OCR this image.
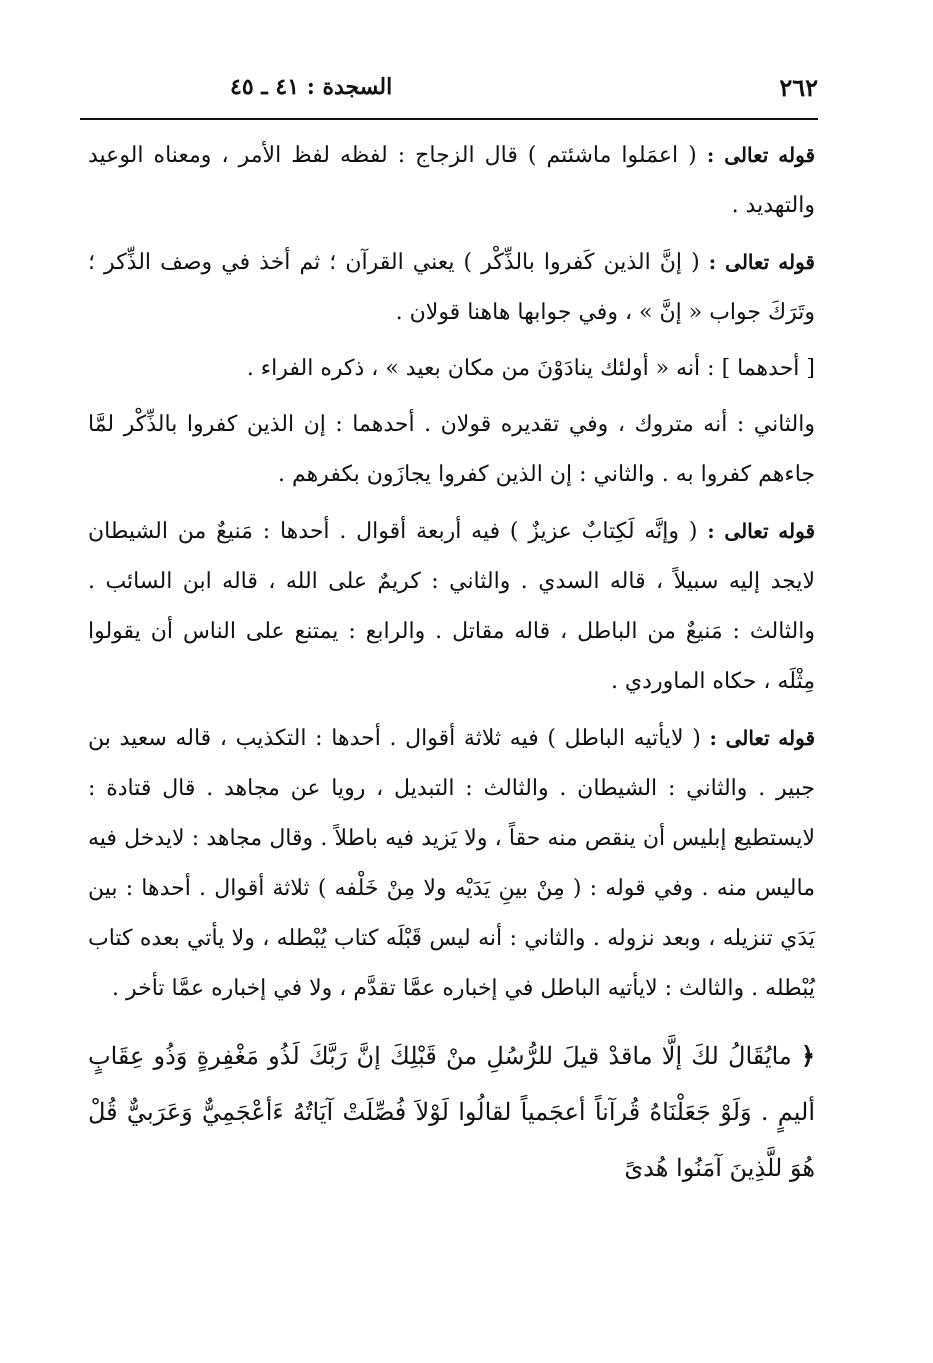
٢٦٢
السجدة : ٤١ ـ ٤٥

قوله تعالى : ( اعمَلوا ماشئتم ) قال الزجاج : لفظه لفظ الأمر ، ومعناه الوعيد والتهديد .

قوله تعالى : ( إنَّ الذين كَفروا بالذِّكْر ) يعني القرآن ؛ ثم أخذ في وصف الذِّكر ؛ وتَرَكَ جواب « إنَّ » ، وفي جوابها هاهنا قولان .

[ أحدهما ] : أنه « أولئك ينادَوْنَ من مكان بعيد » ، ذكره الفراء .

والثاني : أنه متروك ، وفي تقديره قولان . أحدهما : إن الذين كفروا بالذِّكْر لمَّا جاءهم كفروا به . والثاني : إن الذين كفروا يجازَون بكفرهم .

قوله تعالى : ( وإنَّه لَكِتابٌ عزيزٌ ) فيه أربعة أقوال . أحدها : مَنيعٌ من الشيطان لايجد إليه سبيلاً ، قاله السدي . والثاني : كريمٌ على الله ، قاله ابن السائب . والثالث : مَنيعٌ من الباطل ، قاله مقاتل . والرابع : يمتنع على الناس أن يقولوا مِثْلَه ، حكاه الماوردي .

قوله تعالى : ( لايأتيه الباطل ) فيه ثلاثة أقوال . أحدها : التكذيب ، قاله سعيد بن جبير . والثاني : الشيطان . والثالث : التبديل ، رويا عن مجاهد . قال قتادة : لايستطيع إبليس أن ينقص منه حقاً ، ولا يَزيد فيه باطلاً . وقال مجاهد : لايدخل فيه ماليس منه . وفي قوله : ( مِنْ بينِ يَدَيْه ولا مِنْ خَلْفه ) ثلاثة أقوال . أحدها : بين يَدَي تنزيله ، وبعد نزوله . والثاني : أنه ليس قَبْلَه كتاب يُبْطله ، ولا يأتي بعده كتاب يُبْطله . والثالث : لايأتيه الباطل في إخباره عمَّا تقدَّم ، ولا في إخباره عمَّا تأخر .

﴿ مايُقَالُ لكَ إلَّا ماقدْ قيلَ للرُّسُلِ منْ قَبْلِكَ إنَّ رَبَّكَ لَذُو مَغْفِرةٍ وَذُو عِقَابٍ أليمٍ . وَلَوْ جَعَلْنَاهُ قُرآناً أعجَمياً لقالُوا لَوْلاَ فُصِّلَتْ آيَاتُهُ ءَأعْجَمِيٌّ وَعَرَبيٌّ قُلْ هُوَ للَّذِينَ آمَنُوا هُدىً
